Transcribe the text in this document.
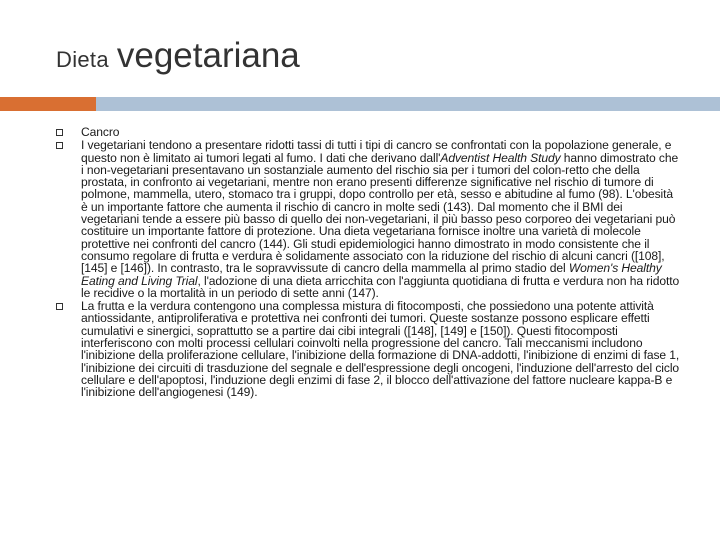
Dieta vegetariana
Cancro
I vegetariani tendono a presentare ridotti tassi di tutti i tipi di cancro se confrontati con la popolazione generale, e questo non è limitato ai tumori legati al fumo. I dati che derivano dall'Adventist Health Study hanno dimostrato che i non-vegetariani presentavano un sostanziale aumento del rischio sia per i tumori del colon-retto che della prostata, in confronto ai vegetariani, mentre non erano presenti differenze significative nel rischio di tumore di polmone, mammella, utero, stomaco tra i gruppi, dopo controllo per età, sesso e abitudine al fumo (98). L'obesità è un importante fattore che aumenta il rischio di cancro in molte sedi (143). Dal momento che il BMI dei vegetariani tende a essere più basso di quello dei non-vegetariani, il più basso peso corporeo dei vegetariani può costituire un importante fattore di protezione. Una dieta vegetariana fornisce inoltre una varietà di molecole protettive nei confronti del cancro (144). Gli studi epidemiologici hanno dimostrato in modo consistente che il consumo regolare di frutta e verdura è solidamente associato con la riduzione del rischio di alcuni cancri ([108], [145] e [146]). In contrasto, tra le sopravvissute di cancro della mammella al primo stadio del Women's Healthy Eating and Living Trial, l'adozione di una dieta arricchita con l'aggiunta quotidiana di frutta e verdura non ha ridotto le recidive o la mortalità in un periodo di sette anni (147).
La frutta e la verdura contengono una complessa mistura di fitocomposti, che possiedono una potente attività antiossidante, antiproliferativa e protettiva nei confronti dei tumori. Queste sostanze possono esplicare effetti cumulativi e sinergici, soprattutto se a partire dai cibi integrali ([148], [149] e [150]). Questi fitocomposti interferiscono con molti processi cellulari coinvolti nella progressione del cancro. Tali meccanismi includono l'inibizione della proliferazione cellulare, l'inibizione della formazione di DNA-addotti, l'inibizione di enzimi di fase 1, l'inibizione dei circuiti di trasduzione del segnale e dell'espressione degli oncogeni, l'induzione dell'arresto del ciclo cellulare e dell'apoptosi, l'induzione degli enzimi di fase 2, il blocco dell'attivazione del fattore nucleare kappa-B e l'inibizione dell'angiogenesi (149).
